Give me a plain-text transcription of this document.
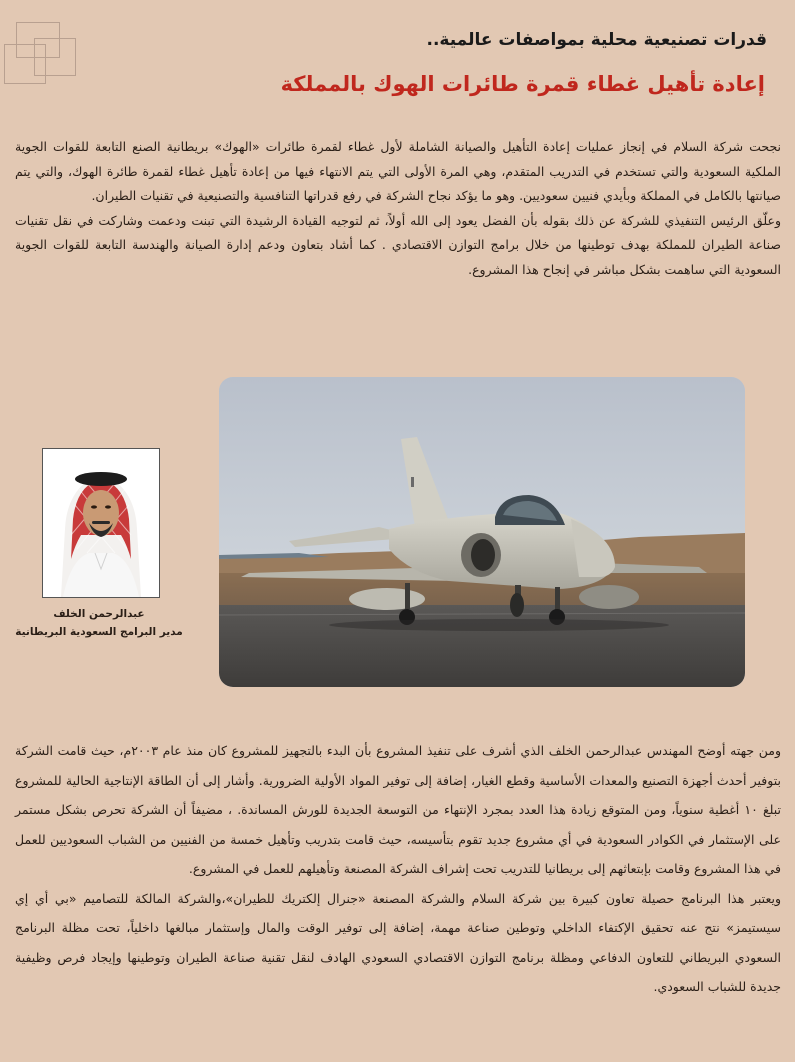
قدرات تصنيعية محلية بمواصفات عالمية..
إعادة تأهيل غطاء قمرة طائرات الهوك بالمملكة

نجحت شركة السلام في إنجاز عمليات إعادة التأهيل والصيانة الشاملة لأول غطاء لقمرة طائرات «الهوك» بريطانية الصنع التابعة للقوات الجوية الملكية السعودية والتي تستخدم في التدريب المتقدم، وهي المرة الأولى التي يتم الانتهاء فيها من إعادة تأهيل غطاء لقمرة طائرة الهوك، والتي يتم صيانتها بالكامل في المملكة وبأيدي فنيين سعوديين. وهو ما يؤكد نجاح الشركة في رفع قدراتها التنافسية والتصنيعية في تقنيات الطيران.

وعلّق الرئيس التنفيذي للشركة عن ذلك بقوله بأن الفضل يعود إلى الله أولاً، ثم لتوجيه القيادة الرشيدة التي تبنت ودعمت وشاركت في نقل تقنيات صناعة الطيران للمملكة بهدف توطينها من خلال برامج التوازن الاقتصادي . كما أشاد بتعاون ودعم إدارة الصيانة والهندسة التابعة للقوات الجوية السعودية التي ساهمت بشكل مباشر في إنجاح هذا المشروع.

عبدالرحمن الخلف
مدير البرامج السعودية البريطانية

ومن جهته أوضح المهندس عبدالرحمن الخلف الذي أشرف على تنفيذ المشروع بأن البدء بالتجهيز للمشروع كان منذ عام ٢٠٠٣م، حيث قامت الشركة بتوفير أحدث أجهزة التصنيع والمعدات الأساسية وقطع الغيار، إضافة إلى توفير المواد الأولية الضرورية. وأشار إلى أن الطاقة الإنتاجية الحالية للمشروع تبلغ ١٠ أغطية سنوياً، ومن المتوقع زيادة هذا العدد بمجرد الإنتهاء من التوسعة الجديدة للورش المساندة. ، مضيفاً أن الشركة تحرص بشكل مستمر على الإستثمار في الكوادر السعودية في أي مشروع جديد تقوم بتأسيسه، حيث قامت بتدريب وتأهيل خمسة من الفنيين من الشباب السعوديين للعمل في هذا المشروع وقامت بإبتعاثهم إلى بريطانيا للتدريب تحت إشراف الشركة المصنعة وتأهيلهم للعمل في المشروع.

ويعتبر هذا البرنامج حصيلة تعاون كبيرة بين شركة السلام والشركة المصنعة «جنرال إلكتريك للطيران»،والشركة المالكة للتصاميم «بي أي إي سيستيمز» نتج عنه تحقيق الإكتفاء الداخلي وتوطين صناعة مهمة، إضافة إلى توفير الوقت والمال وإستثمار مبالغها داخلياً، تحت مظلة البرنامج السعودي البريطاني للتعاون الدفاعي ومظلة برنامج التوازن الاقتصادي السعودي الهادف لنقل تقنية صناعة الطيران وتوطينها وإيجاد فرص وظيفية جديدة للشباب السعودي.
